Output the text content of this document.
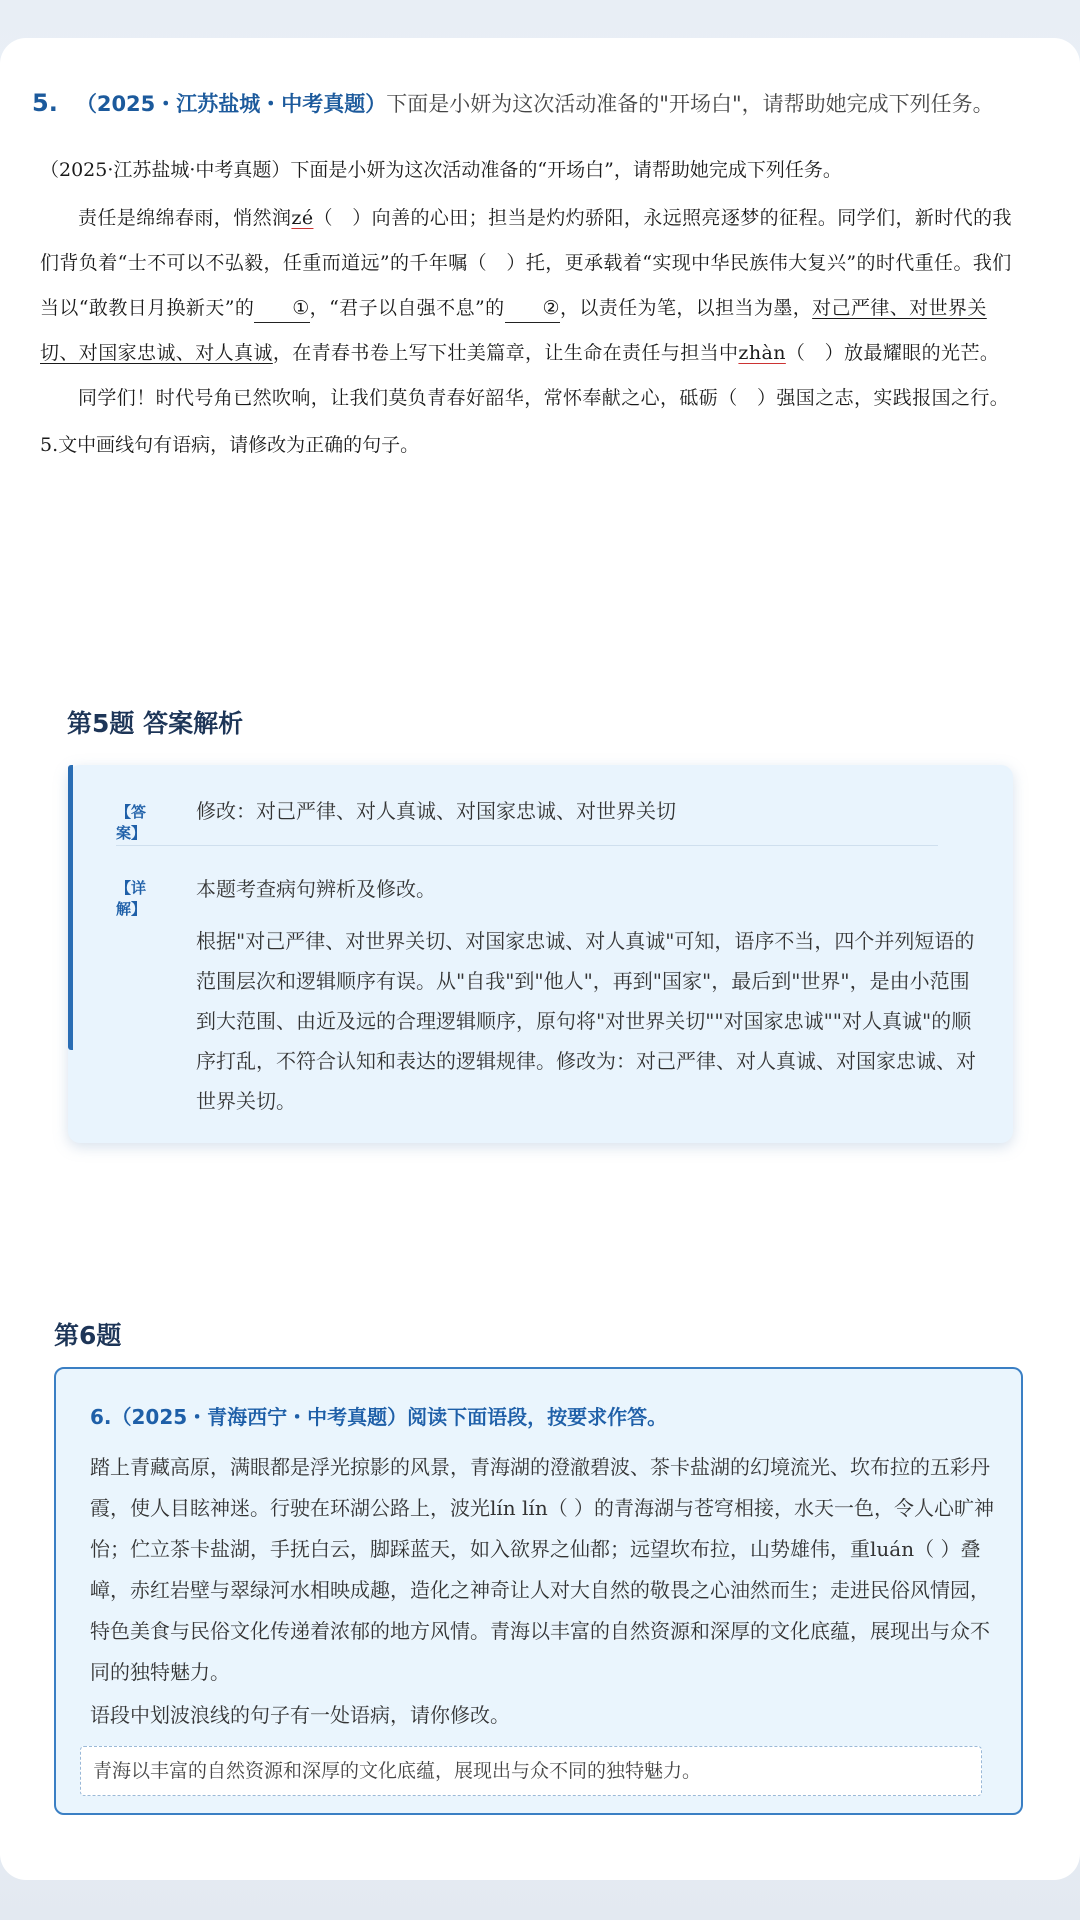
5. （2025・江苏盐城・中考真题）下面是小妍为这次活动准备的"开场白"，请帮助她完成下列任务。

（2025·江苏盐城·中考真题）下面是小妍为这次活动准备的“开场白”，请帮助她完成下列任务。

责任是绵绵春雨，悄然润zé（　）向善的心田；担当是灼灼骄阳，永远照亮逐梦的征程。同学们，新时代的我们背负着“士不可以不弘毅，任重而道远”的千年嘱（　）托，更承载着“实现中华民族伟大复兴”的时代重任。我们当以“敢教日月换新天”的 ①，“君子以自强不息”的 ②，以责任为笔，以担当为墨，对己严律、对世界关切、对国家忠诚、对人真诚，在青春书卷上写下壮美篇章，让生命在责任与担当中zhàn（　）放最耀眼的光芒。

同学们！时代号角已然吹响，让我们莫负青春好韶华，常怀奉献之心，砥砺（　）强国之志，实践报国之行。

5.文中画线句有语病，请修改为正确的句子。

第5题 答案解析
【答案】
修改：对己严律、对人真诚、对国家忠诚、对世界关切
【详解】
本题考查病句辨析及修改。
根据"对己严律、对世界关切、对国家忠诚、对人真诚"可知，语序不当，四个并列短语的范围层次和逻辑顺序有误。从"自我"到"他人"，再到"国家"，最后到"世界"，是由小范围到大范围、由近及远的合理逻辑顺序，原句将"对世界关切""对国家忠诚""对人真诚"的顺序打乱，不符合认知和表达的逻辑规律。修改为：对己严律、对人真诚、对国家忠诚、对世界关切。
第6题
6.（2025・青海西宁・中考真题）阅读下面语段，按要求作答。

踏上青藏高原，满眼都是浮光掠影的风景，青海湖的澄澈碧波、茶卡盐湖的幻境流光、坎布拉的五彩丹霞，使人目眩神迷。行驶在环湖公路上，波光lín lín（ ）的青海湖与苍穹相接，水天一色，令人心旷神怡；伫立茶卡盐湖，手抚白云，脚踩蓝天，如入欲界之仙都；远望坎布拉，山势雄伟，重luán（ ）叠嶂，赤红岩壁与翠绿河水相映成趣，造化之神奇让人对大自然的敬畏之心油然而生；走进民俗风情园，特色美食与民俗文化传递着浓郁的地方风情。青海以丰富的自然资源和深厚的文化底蕴，展现出与众不同的独特魅力。

语段中划波浪线的句子有一处语病，请你修改。

青海以丰富的自然资源和深厚的文化底蕴，展现出与众不同的独特魅力。
